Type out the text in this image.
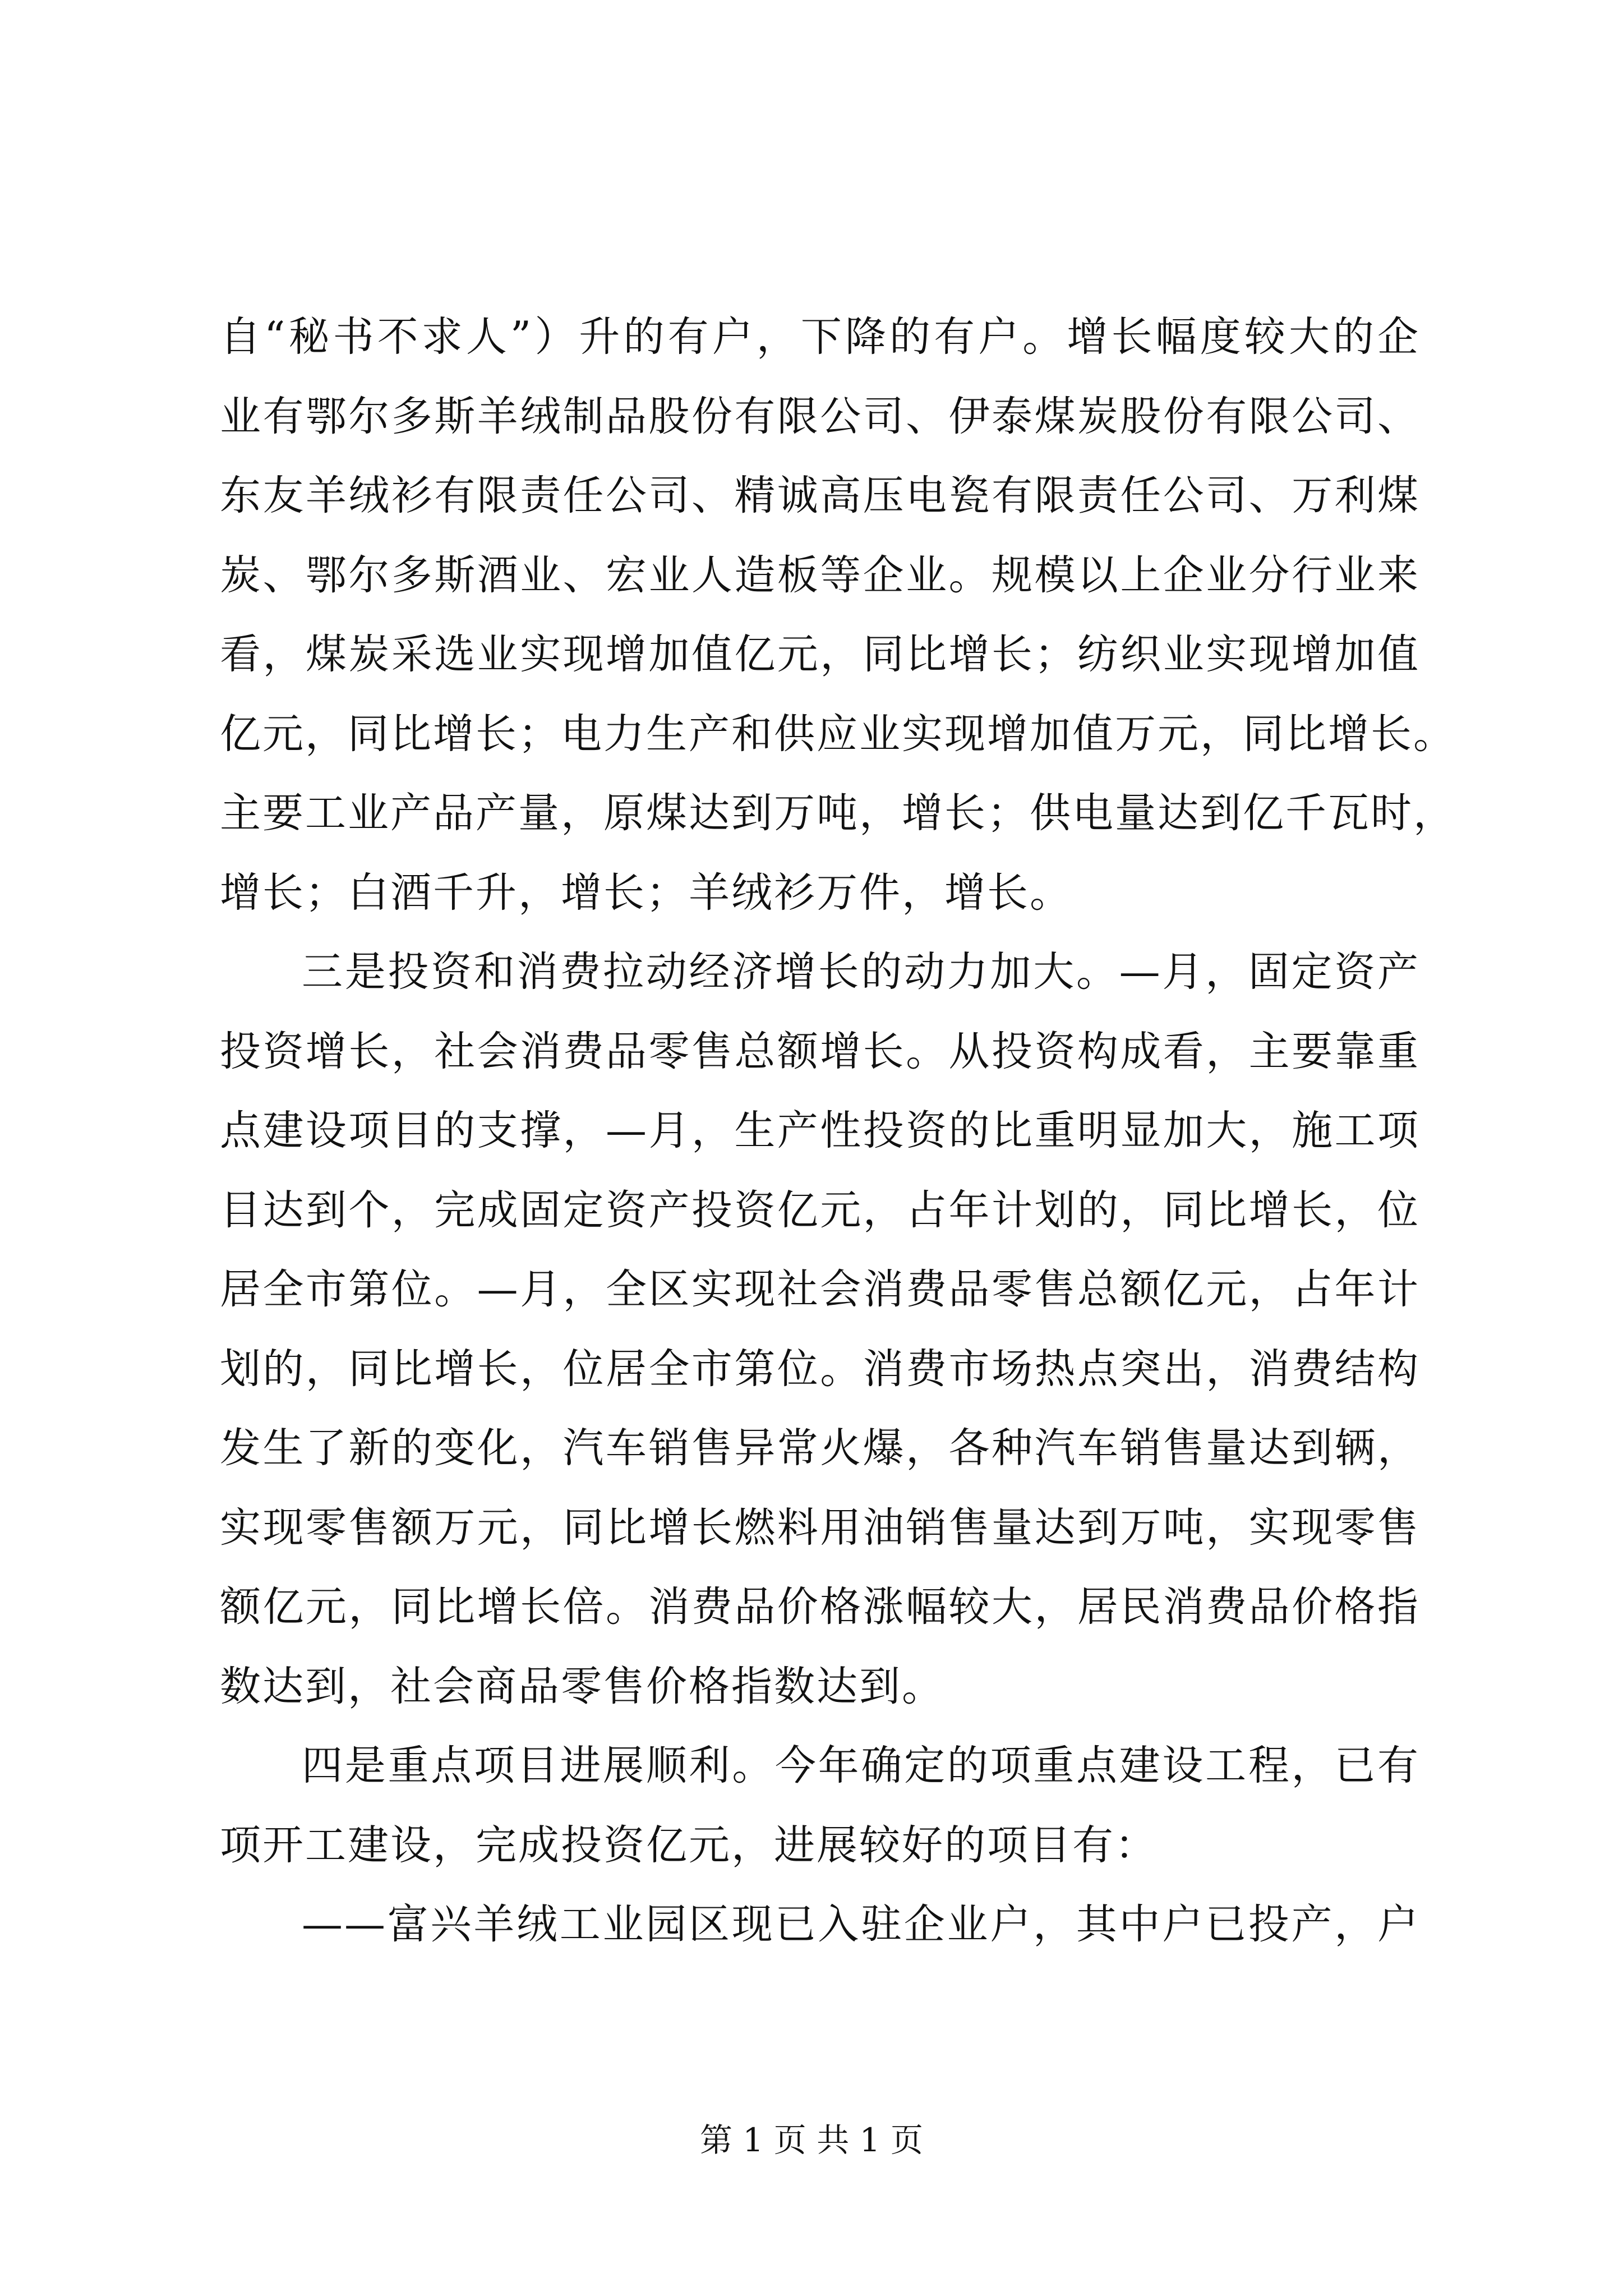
自“秘书不求人”）升的有户，下降的有户。增长幅度较大的企
业有鄂尔多斯羊绒制品股份有限公司、伊泰煤炭股份有限公司、
东友羊绒衫有限责任公司、精诚高压电瓷有限责任公司、万利煤
炭、鄂尔多斯酒业、宏业人造板等企业。规模以上企业分行业来
看，煤炭采选业实现增加值亿元，同比增长；纺织业实现增加值
亿元，同比增长；电力生产和供应业实现增加值万元，同比增长。
主要工业产品产量，原煤达到万吨，增长；供电量达到亿千瓦时，
增长；白酒千升，增长；羊绒衫万件，增长。
三是投资和消费拉动经济增长的动力加大。—月，固定资产
投资增长，社会消费品零售总额增长。从投资构成看，主要靠重
点建设项目的支撑，—月，生产性投资的比重明显加大，施工项
目达到个，完成固定资产投资亿元，占年计划的，同比增长，位
居全市第位。—月，全区实现社会消费品零售总额亿元，占年计
划的，同比增长，位居全市第位。消费市场热点突出，消费结构
发生了新的变化，汽车销售异常火爆，各种汽车销售量达到辆，
实现零售额万元，同比增长燃料用油销售量达到万吨，实现零售
额亿元，同比增长倍。消费品价格涨幅较大，居民消费品价格指
数达到，社会商品零售价格指数达到。
四是重点项目进展顺利。今年确定的项重点建设工程，已有
项开工建设，完成投资亿元，进展较好的项目有：
——富兴羊绒工业园区现已入驻企业户，其中户已投产，户
第 1 页 共 1 页
